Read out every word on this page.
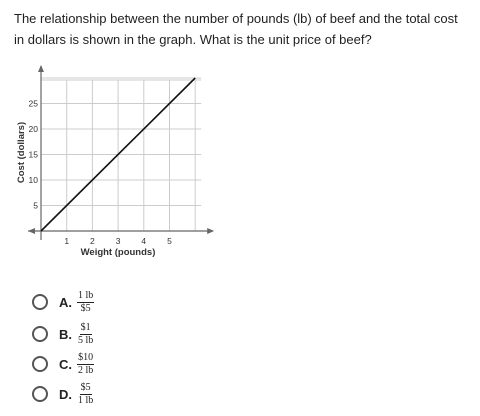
The relationship between the number of pounds (lb) of beef and the total cost
in dollars is shown in the graph. What is the unit price of beef?
1 2 3 4 5
5
10
15
20
25
Weight (pounds)
Cost (dollars)
A. $\frac{1 lb}{\$5}$
B. $\frac{\$1}{5 lb}$
C. $\frac{\$10}{2 lb}$
D. $\frac{\$5}{1 lb}$
